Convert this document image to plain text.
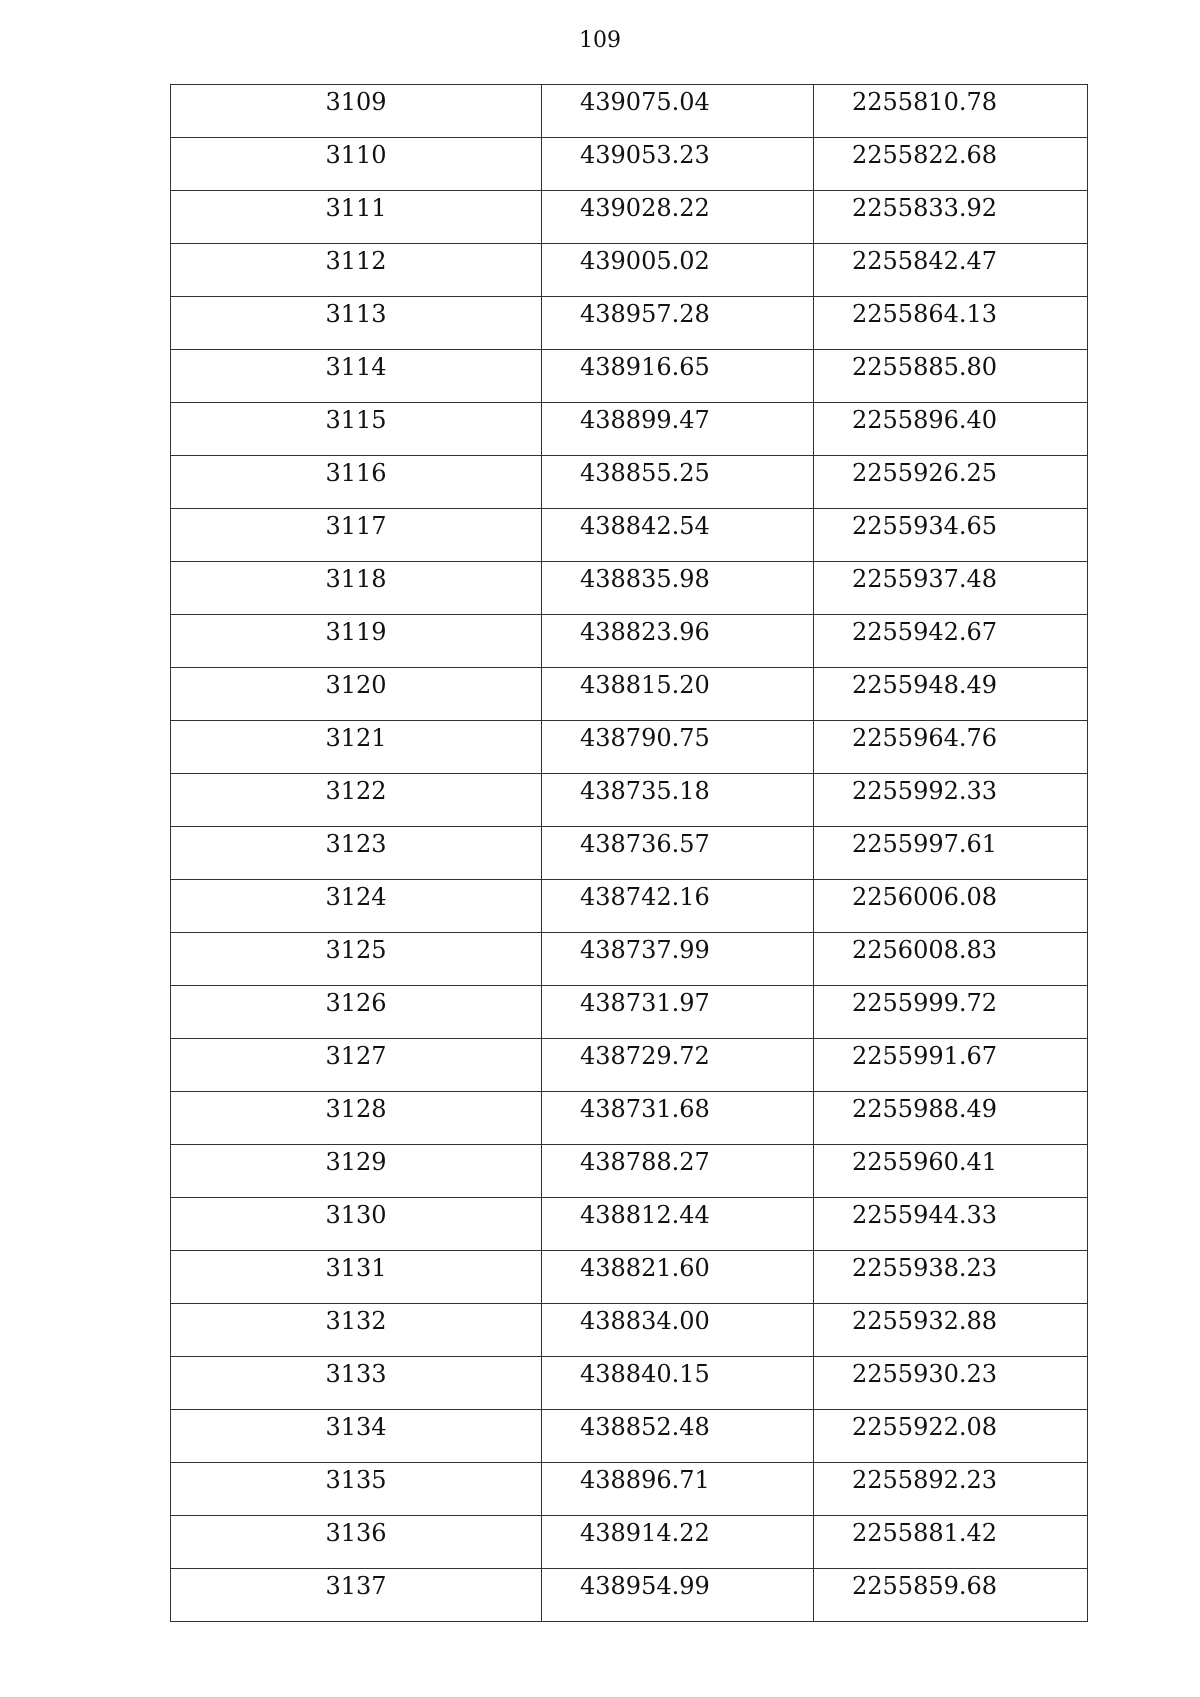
109
3109	439075.04	2255810.78
3110	439053.23	2255822.68
3111	439028.22	2255833.92
3112	439005.02	2255842.47
3113	438957.28	2255864.13
3114	438916.65	2255885.80
3115	438899.47	2255896.40
3116	438855.25	2255926.25
3117	438842.54	2255934.65
3118	438835.98	2255937.48
3119	438823.96	2255942.67
3120	438815.20	2255948.49
3121	438790.75	2255964.76
3122	438735.18	2255992.33
3123	438736.57	2255997.61
3124	438742.16	2256006.08
3125	438737.99	2256008.83
3126	438731.97	2255999.72
3127	438729.72	2255991.67
3128	438731.68	2255988.49
3129	438788.27	2255960.41
3130	438812.44	2255944.33
3131	438821.60	2255938.23
3132	438834.00	2255932.88
3133	438840.15	2255930.23
3134	438852.48	2255922.08
3135	438896.71	2255892.23
3136	438914.22	2255881.42
3137	438954.99	2255859.68
